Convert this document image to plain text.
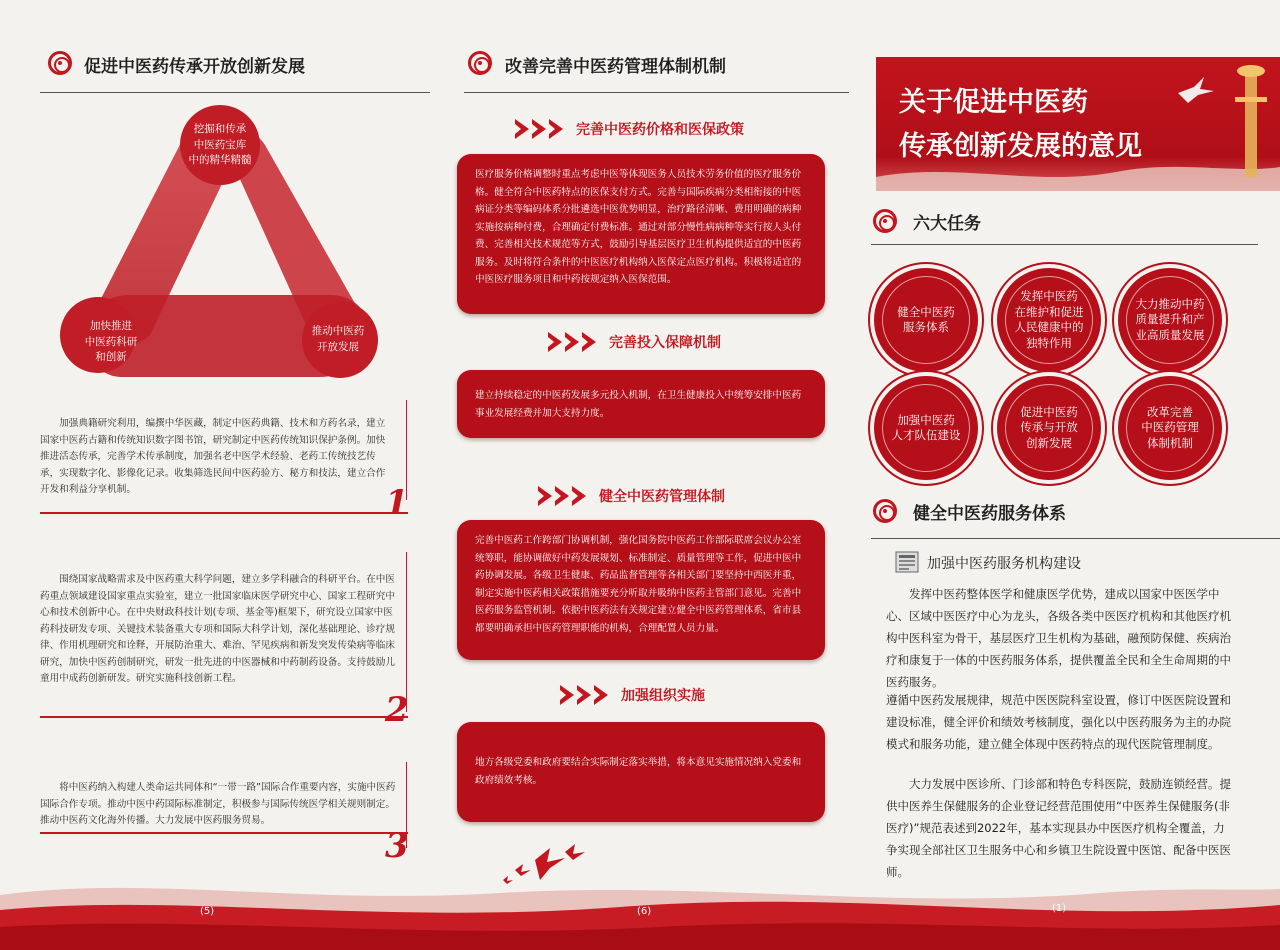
促进中医药传承开放创新发展
挖掘和传承
中医药宝库
中的精华精髓
加快推进
中医药科研
和创新
推动中医药
开放发展
加强典籍研究利用，编撰中华医藏，制定中医药典籍、技术和方药名录，建立国家中医药古籍和传统知识数字图书馆，研究制定中医药传统知识保护条例。加快推进活态传承，完善学术传承制度，加强名老中医学术经验、老药工传统技艺传承，实现数字化、影像化记录。收集筛选民间中医药验方、秘方和技法，建立合作开发和利益分享机制。	1
围绕国家战略需求及中医药重大科学问题，建立多学科融合的科研平台。在中医药重点领域建设国家重点实验室，建立一批国家临床医学研究中心、国家工程研究中心和技术创新中心。在中央财政科技计划(专项、基金等)框架下，研究设立国家中医药科技研发专项、关键技术装备重大专项和国际大科学计划，深化基础理论、诊疗规律、作用机理研究和诠释，开展防治重大、难治、罕见疾病和新发突发传染病等临床研究，加快中医药创制研究，研发一批先进的中医器械和中药制药设备。支持鼓励儿童用中成药创新研发。研究实施科技创新工程。
2
将中医药纳入构建人类命运共同体和“一带一路”国际合作重要内容，实施中医药国际合作专项。推动中医中药国际标准制定，积极参与国际传统医学相关规则制定。推动中医药文化海外传播。大力发展中医药服务贸易。
3
改善完善中医药管理体制机制
完善中医药价格和医保政策
医疗服务价格调整时重点考虑中医等体现医务人员技术劳务价值的医疗服务价格。健全符合中医药特点的医保支付方式。完善与国际疾病分类相衔接的中医病证分类等编码体系分批遴选中医优势明显，治疗路径清晰、费用明确的病种实施按病种付费，合理确定付费标准。通过对部分慢性病病种等实行按人头付费、完善相关技术规范等方式，鼓励引导基层医疗卫生机构提供适宜的中医药服务。及时将符合条件的中医医疗机构纳入医保定点医疗机构。积极将适宜的中医医疗服务项目和中药按规定纳入医保范围。
完善投入保障机制
建立持续稳定的中医药发展多元投入机制，在卫生健康投入中统筹安排中医药事业发展经费并加大支持力度。
健全中医药管理体制
完善中医药工作跨部门协调机制，强化国务院中医药工作部际联席会议办公室统筹职，能协调做好中药发展规划、标准制定、质量管理等工作，促进中医中药协调发展。各级卫生健康、药品监督管理等各相关部门要坚持中西医并重，制定实施中医药相关政策措施要充分听取并吸纳中医药主管部门意见。完善中医药服务监管机制。依据中医药法有关规定建立健全中医药管理体系，省市县都要明确承担中医药管理职能的机构，合理配置人员力量。
加强组织实施
地方各级党委和政府要结合实际制定落实举措，将本意见实施情况纳入党委和政府绩效考核。
关于促进中医药
传承创新发展的意见
六大任务
健全中医药
服务体系
发挥中医药
在维护和促进
人民健康中的
独特作用
大力推动中药
质量提升和产
业高质量发展
加强中医药
人才队伍建设
促进中医药
传承与开放
创新发展
改革完善
中医药管理
体制机制
健全中医药服务体系
加强中医药服务机构建设
发挥中医药整体医学和健康医学优势，建成以国家中医医学中心、区域中医医疗中心为龙头，各级各类中医医疗机构和其他医疗机构中医科室为骨干，基层医疗卫生机构为基础，融预防保健、疾病治疗和康复于一体的中医药服务体系，提供覆盖全民和全生命周期的中医药服务。
遵循中医药发展规律，规范中医医院科室设置，修订中医医院设置和建设标准，健全评价和绩效考核制度，强化以中医药服务为主的办院模式和服务功能，建立健全体现中医药特点的现代医院管理制度。
大力发展中医诊所、门诊部和特色专科医院，鼓励连锁经营。提供中医养生保健服务的企业登记经营范围使用“中医养生保健服务(非医疗)”规范表述到2022年，基本实现县办中医医疗机构全覆盖，力争实现全部社区卫生服务中心和乡镇卫生院设置中医馆、配备中医医师。
(5)	(6)	(1)
